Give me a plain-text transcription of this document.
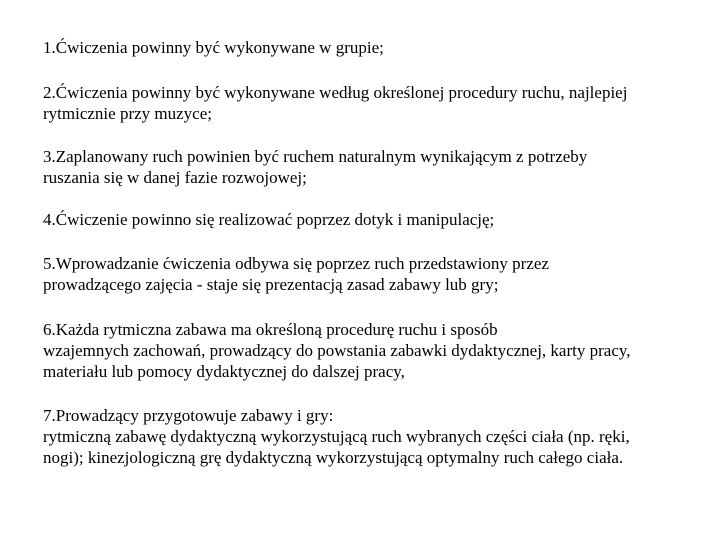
1.Ćwiczenia powinny być wykonywane w grupie;

2.Ćwiczenia powinny być wykonywane według określonej procedury ruchu, najlepiej
rytmicznie przy muzyce;

3.Zaplanowany ruch powinien być ruchem naturalnym wynikającym z potrzeby
ruszania się w danej fazie rozwojowej;

4.Ćwiczenie powinno się realizować poprzez dotyk i manipulację;

5.Wprowadzanie ćwiczenia odbywa się poprzez ruch przedstawiony przez
prowadzącego zajęcia - staje się prezentacją zasad zabawy lub gry;

6.Każda rytmiczna zabawa ma określoną procedurę ruchu i sposób
wzajemnych zachowań, prowadzący do powstania zabawki dydaktycznej, karty pracy,
materiału lub pomocy dydaktycznej do dalszej pracy,

7.Prowadzący przygotowuje zabawy i gry:
rytmiczną zabawę dydaktyczną wykorzystującą ruch wybranych części ciała (np. ręki,
nogi); kinezjologiczną grę dydaktyczną wykorzystującą optymalny ruch całego ciała.
